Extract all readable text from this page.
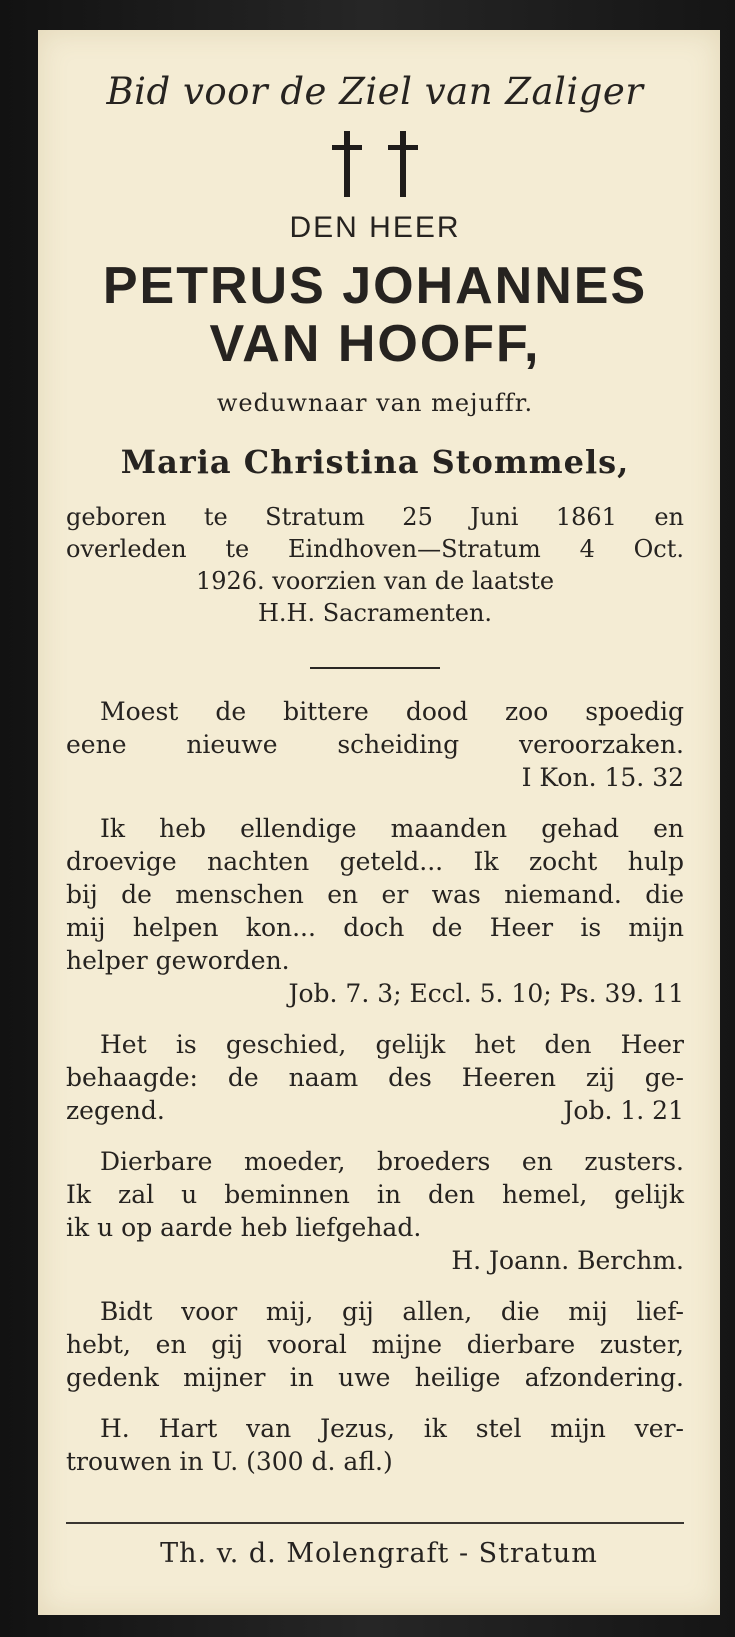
Bid voor de Ziel van Zaliger
DEN HEER
PETRUS JOHANNES
VAN HOOFF,
weduwnaar van mejuffr.
Maria Christina Stommels,
geboren te Stratum 25 Juni 1861 en
overleden te Eindhoven—Stratum 4 Oct.
1926. voorzien van de laatste
H.H. Sacramenten.
Moest de bittere dood zoo spoedig
eene nieuwe scheiding veroorzaken.
I Kon. 15. 32
Ik heb ellendige maanden gehad en
droevige nachten geteld... Ik zocht hulp
bij de menschen en er was niemand. die
mij helpen kon... doch de Heer is mijn
helper geworden.
Job. 7. 3; Eccl. 5. 10; Ps. 39. 11
Het is geschied, gelijk het den Heer
behaagde: de naam des Heeren zij ge-
zegend.	Job. 1. 21
Dierbare moeder, broeders en zusters.
Ik zal u beminnen in den hemel, gelijk
ik u op aarde heb liefgehad.
H. Joann. Berchm.
Bidt voor mij, gij allen, die mij lief-
hebt, en gij vooral mijne dierbare zuster,
gedenk mijner in uwe heilige afzondering.
H. Hart van Jezus, ik stel mijn ver-
trouwen in U. (300 d. afl.)
Th. v. d. Molengraft - Stratum
